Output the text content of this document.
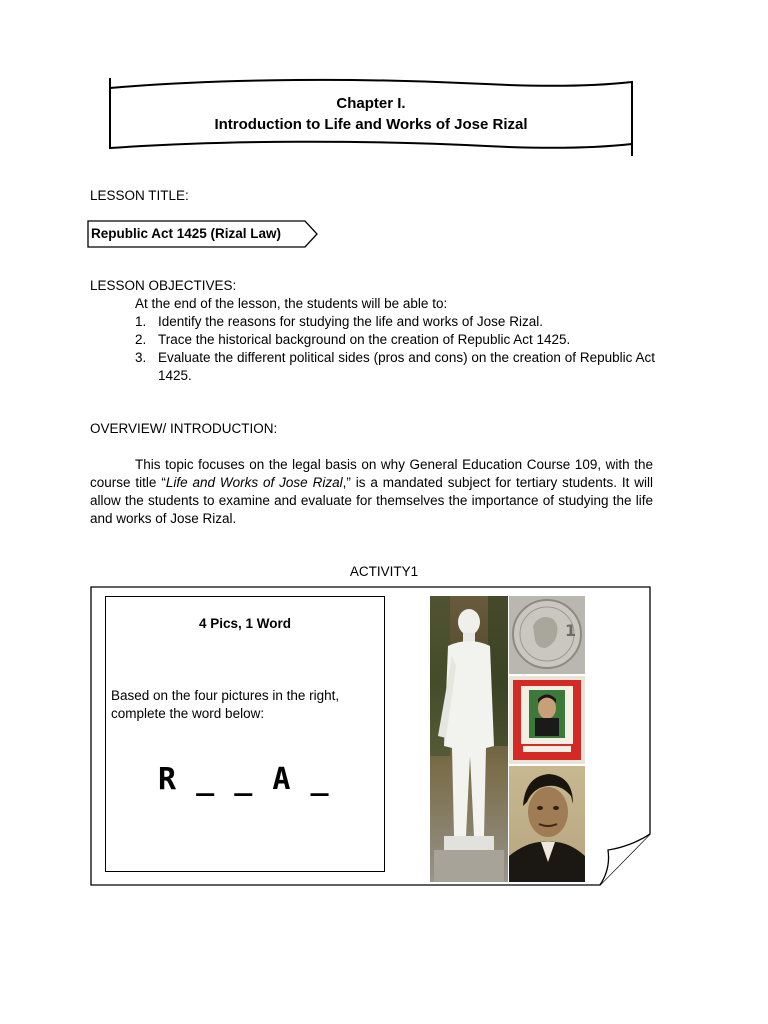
Chapter I.
Introduction to Life and Works of Jose Rizal
LESSON TITLE:
Republic Act 1425 (Rizal Law)
LESSON OBJECTIVES:
At the end of the lesson, the students will be able to:
1. Identify the reasons for studying the life and works of Jose Rizal.
2. Trace the historical background on the creation of Republic Act 1425.
3. Evaluate the different political sides (pros and cons) on the creation of Republic Act 1425.
OVERVIEW/ INTRODUCTION:
This topic focuses on the legal basis on why General Education Course 109, with the course title “Life and Works of Jose Rizal,” is a mandated subject for tertiary students. It will allow the students to examine and evaluate for themselves the importance of studying the life and works of Jose Rizal.
ACTIVITY1
4 Pics, 1 Word
Based on the four pictures in the right, complete the word below:
R _ _ A _
1
